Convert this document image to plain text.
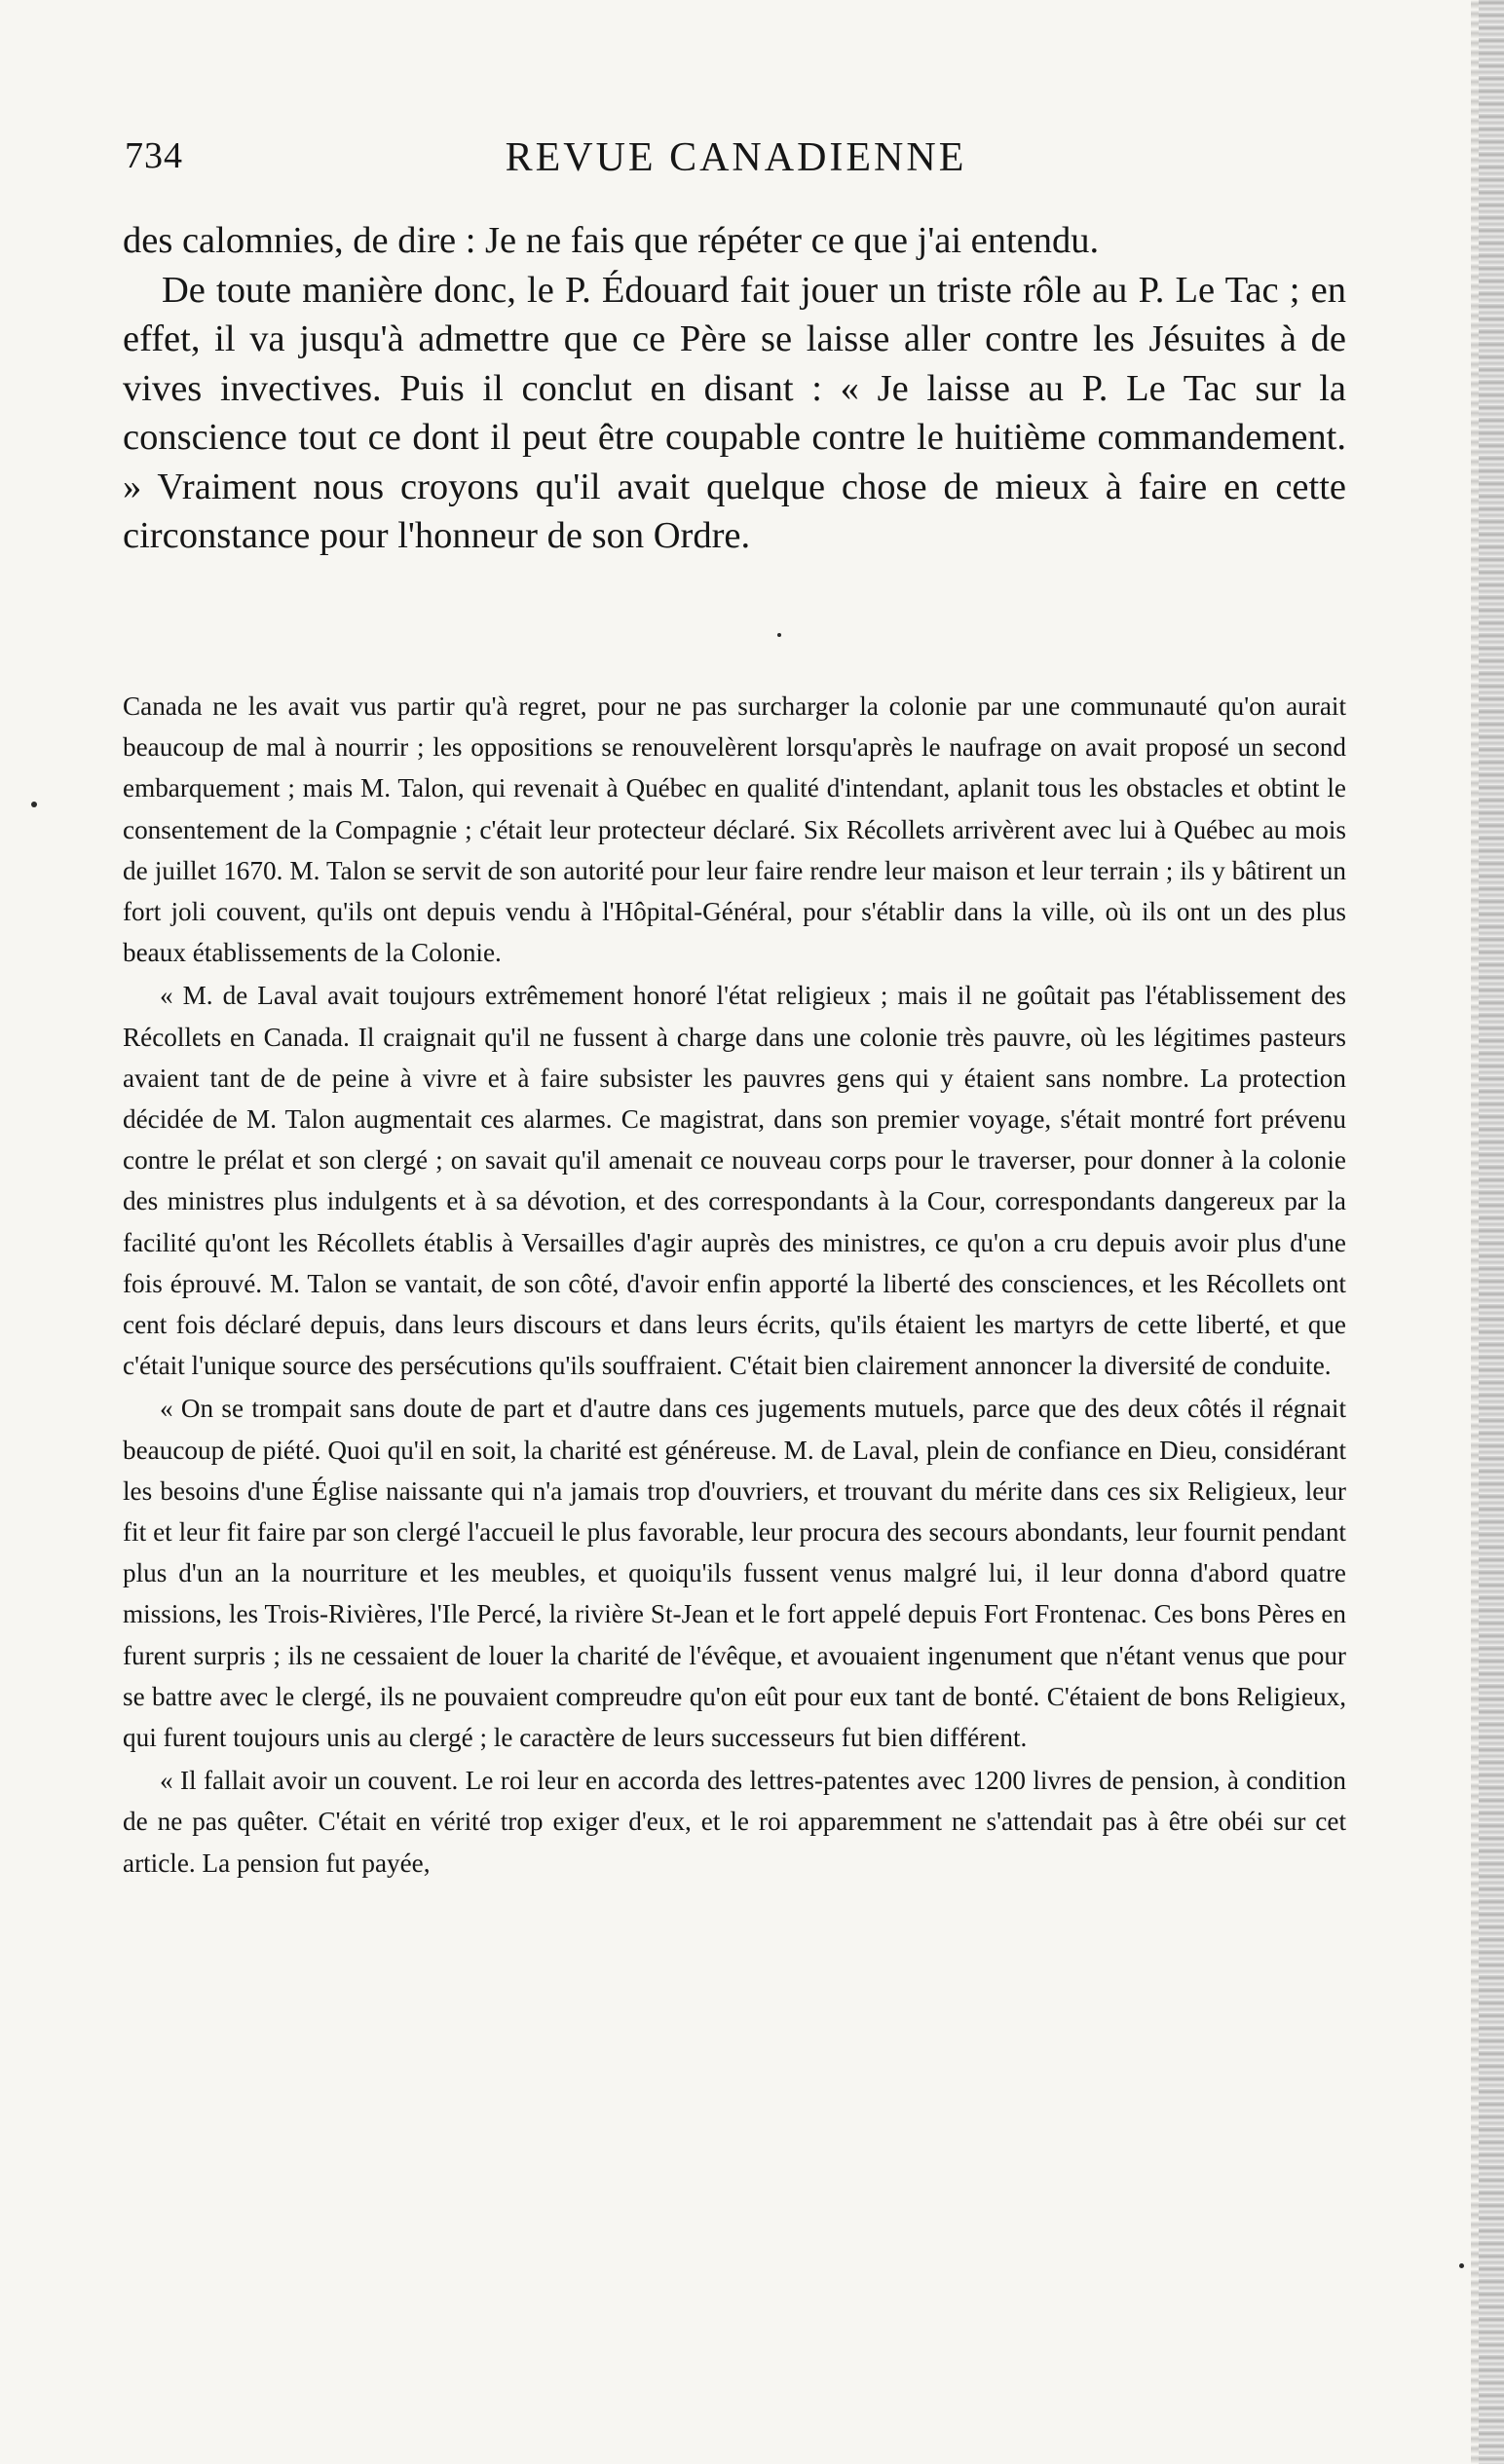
734	REVUE CANADIENNE

des calomnies, de dire : Je ne fais que répéter ce que j'ai entendu.

De toute manière donc, le P. Édouard fait jouer un triste rôle au P. Le Tac ; en effet, il va jusqu'à admettre que ce Père se laisse aller contre les Jésuites à de vives invectives. Puis il conclut en disant : « Je laisse au P. Le Tac sur la conscience tout ce dont il peut être coupable contre le huitième commandement. » Vraiment nous croyons qu'il avait quelque chose de mieux à faire en cette circonstance pour l'honneur de son Ordre.

Canada ne les avait vus partir qu'à regret, pour ne pas surcharger la colonie par une communauté qu'on aurait beaucoup de mal à nourrir ; les oppositions se renouvelèrent lorsqu'après le naufrage on avait proposé un second embarquement ; mais M. Talon, qui revenait à Québec en qualité d'intendant, aplanit tous les obstacles et obtint le consentement de la Compagnie ; c'était leur protecteur déclaré. Six Récollets arrivèrent avec lui à Québec au mois de juillet 1670. M. Talon se servit de son autorité pour leur faire rendre leur maison et leur terrain ; ils y bâtirent un fort joli couvent, qu'ils ont depuis vendu à l'Hôpital-Général, pour s'établir dans la ville, où ils ont un des plus beaux établissements de la Colonie.

« M. de Laval avait toujours extrêmement honoré l'état religieux ; mais il ne goûtait pas l'établissement des Récollets en Canada. Il craignait qu'il ne fussent à charge dans une colonie très pauvre, où les légitimes pasteurs avaient tant de de peine à vivre et à faire subsister les pauvres gens qui y étaient sans nombre. La protection décidée de M. Talon augmentait ces alarmes. Ce magistrat, dans son premier voyage, s'était montré fort prévenu contre le prélat et son clergé ; on savait qu'il amenait ce nouveau corps pour le traverser, pour donner à la colonie des ministres plus indulgents et à sa dévotion, et des correspondants à la Cour, correspondants dangereux par la facilité qu'ont les Récollets établis à Versailles d'agir auprès des ministres, ce qu'on a cru depuis avoir plus d'une fois éprouvé. M. Talon se vantait, de son côté, d'avoir enfin apporté la liberté des consciences, et les Récollets ont cent fois déclaré depuis, dans leurs discours et dans leurs écrits, qu'ils étaient les martyrs de cette liberté, et que c'était l'unique source des persécutions qu'ils souffraient. C'était bien clairement annoncer la diversité de conduite.

« On se trompait sans doute de part et d'autre dans ces jugements mutuels, parce que des deux côtés il régnait beaucoup de piété. Quoi qu'il en soit, la charité est généreuse. M. de Laval, plein de confiance en Dieu, considérant les besoins d'une Église naissante qui n'a jamais trop d'ouvriers, et trouvant du mérite dans ces six Religieux, leur fit et leur fit faire par son clergé l'accueil le plus favorable, leur procura des secours abondants, leur fournit pendant plus d'un an la nourriture et les meubles, et quoiqu'ils fussent venus malgré lui, il leur donna d'abord quatre missions, les Trois-Rivières, l'Ile Percé, la rivière St-Jean et le fort appelé depuis Fort Frontenac. Ces bons Pères en furent surpris ; ils ne cessaient de louer la charité de l'évêque, et avouaient ingenument que n'étant venus que pour se battre avec le clergé, ils ne pouvaient compreudre qu'on eût pour eux tant de bonté. C'étaient de bons Religieux, qui furent toujours unis au clergé ; le caractère de leurs successeurs fut bien différent.

« Il fallait avoir un couvent. Le roi leur en accorda des lettres-patentes avec 1200 livres de pension, à condition de ne pas quêter. C'était en vérité trop exiger d'eux, et le roi apparemment ne s'attendait pas à être obéi sur cet article. La pension fut payée,
